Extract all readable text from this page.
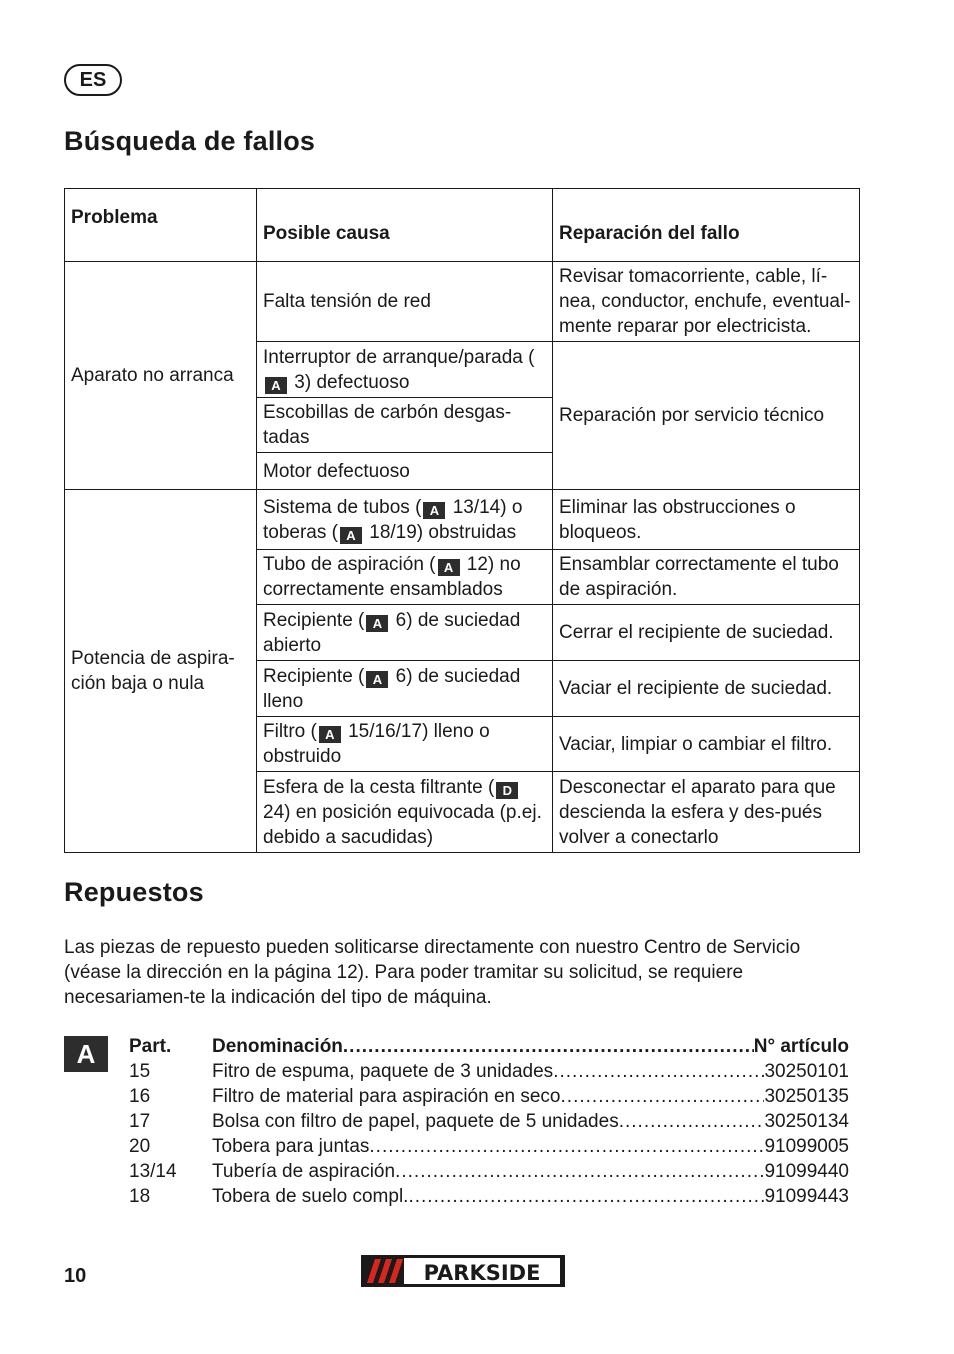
ES
Búsqueda de fallos
Problema	Posible causa	Reparación del fallo
Aparato no arranca	Falta tensión de red	Revisar tomacorriente, cable, lí-nea, conductor, enchufe, eventual-mente reparar por electricista.
	Interruptor de arranque/parada (A 3) defectuoso	Reparación por servicio técnico
	Escobillas de carbón desgas-tadas	
	Motor defectuoso	
Potencia de aspira-ción baja o nula	Sistema de tubos ( A 13/14) o toberas ( A 18/19) obstruidas	Eliminar las obstrucciones o bloqueos.
	Tubo de aspiración ( A 12) no correctamente ensamblados	Ensamblar correctamente el tubo de aspiración.
	Recipiente ( A 6) de suciedad abierto	Cerrar el recipiente de suciedad.
	Recipiente ( A 6) de suciedad lleno	Vaciar el recipiente de suciedad.
	Filtro ( A 15/16/17) lleno o obstruido	Vaciar, limpiar o cambiar el filtro.
	Esfera de la cesta filtrante ( D 24) en posición equivocada (p.ej. debido a sacudidas)	Desconectar el aparato para que descienda la esfera y des-pués volver a conectarlo
Repuestos

Las piezas de repuesto pueden soliticarse directamente con nuestro Centro de Servicio (véase la dirección en la página 12). Para poder tramitar su solicitud, se requiere necesariamen-te la indicación del tipo de máquina.

A	Part.	Denominación .....	N° artículo
15	Fitro de espuma, paquete de 3 unidades .....	30250101
16	Filtro de material para aspiración en seco .....	30250135
17	Bolsa con filtro de papel, paquete de 5 unidades .....	30250134
20	Tobera para juntas .....	91099005
13/14	Tubería de aspiración .....	91099440
18	Tobera de suelo compl. .....	91099443
10	PARKSIDE
